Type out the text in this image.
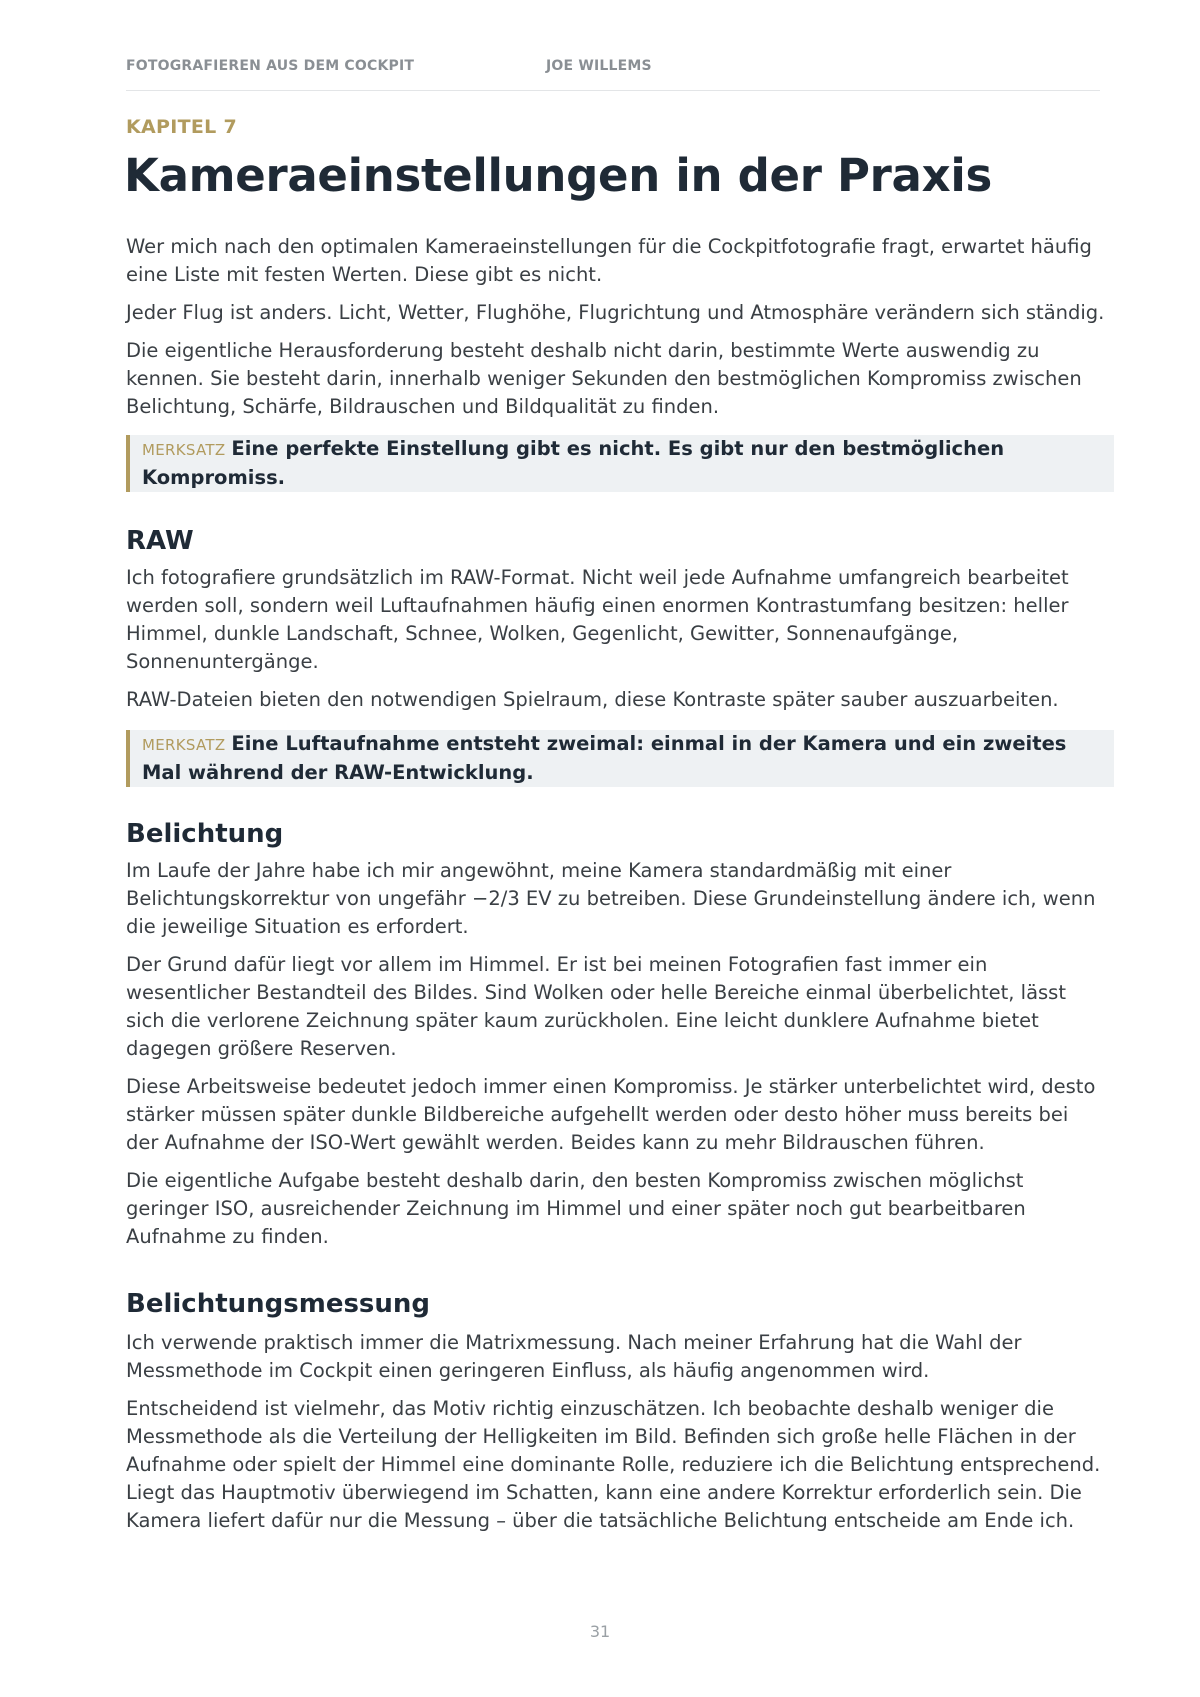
FOTOGRAFIEREN AUS DEM COCKPIT	JOE WILLEMS
KAPITEL 7
Kameraeinstellungen in der Praxis

Wer mich nach den optimalen Kameraeinstellungen für die Cockpitfotografie fragt, erwartet häufig eine Liste mit festen Werten. Diese gibt es nicht.

Jeder Flug ist anders. Licht, Wetter, Flughöhe, Flugrichtung und Atmosphäre verändern sich ständig.

Die eigentliche Herausforderung besteht deshalb nicht darin, bestimmte Werte auswendig zu kennen. Sie besteht darin, innerhalb weniger Sekunden den bestmöglichen Kompromiss zwischen Belichtung, Schärfe, Bildrauschen und Bildqualität zu finden.

MERKSATZ Eine perfekte Einstellung gibt es nicht. Es gibt nur den bestmöglichen Kompromiss.
RAW

Ich fotografiere grundsätzlich im RAW-Format. Nicht weil jede Aufnahme umfangreich bearbeitet werden soll, sondern weil Luftaufnahmen häufig einen enormen Kontrastumfang besitzen: heller Himmel, dunkle Landschaft, Schnee, Wolken, Gegenlicht, Gewitter, Sonnenaufgänge, Sonnenuntergänge.

RAW-Dateien bieten den notwendigen Spielraum, diese Kontraste später sauber auszuarbeiten.

MERKSATZ Eine Luftaufnahme entsteht zweimal: einmal in der Kamera und ein zweites Mal während der RAW-Entwicklung.
Belichtung

Im Laufe der Jahre habe ich mir angewöhnt, meine Kamera standardmäßig mit einer Belichtungskorrektur von ungefähr −2/3 EV zu betreiben. Diese Grundeinstellung ändere ich, wenn die jeweilige Situation es erfordert.

Der Grund dafür liegt vor allem im Himmel. Er ist bei meinen Fotografien fast immer ein wesentlicher Bestandteil des Bildes. Sind Wolken oder helle Bereiche einmal überbelichtet, lässt sich die verlorene Zeichnung später kaum zurückholen. Eine leicht dunklere Aufnahme bietet dagegen größere Reserven.

Diese Arbeitsweise bedeutet jedoch immer einen Kompromiss. Je stärker unterbelichtet wird, desto stärker müssen später dunkle Bildbereiche aufgehellt werden oder desto höher muss bereits bei der Aufnahme der ISO-Wert gewählt werden. Beides kann zu mehr Bildrauschen führen.

Die eigentliche Aufgabe besteht deshalb darin, den besten Kompromiss zwischen möglichst geringer ISO, ausreichender Zeichnung im Himmel und einer später noch gut bearbeitbaren Aufnahme zu finden.

Belichtungsmessung

Ich verwende praktisch immer die Matrixmessung. Nach meiner Erfahrung hat die Wahl der Messmethode im Cockpit einen geringeren Einfluss, als häufig angenommen wird.

Entscheidend ist vielmehr, das Motiv richtig einzuschätzen. Ich beobachte deshalb weniger die Messmethode als die Verteilung der Helligkeiten im Bild. Befinden sich große helle Flächen in der Aufnahme oder spielt der Himmel eine dominante Rolle, reduziere ich die Belichtung entsprechend. Liegt das Hauptmotiv überwiegend im Schatten, kann eine andere Korrektur erforderlich sein. Die Kamera liefert dafür nur die Messung – über die tatsächliche Belichtung entscheide am Ende ich.

31
